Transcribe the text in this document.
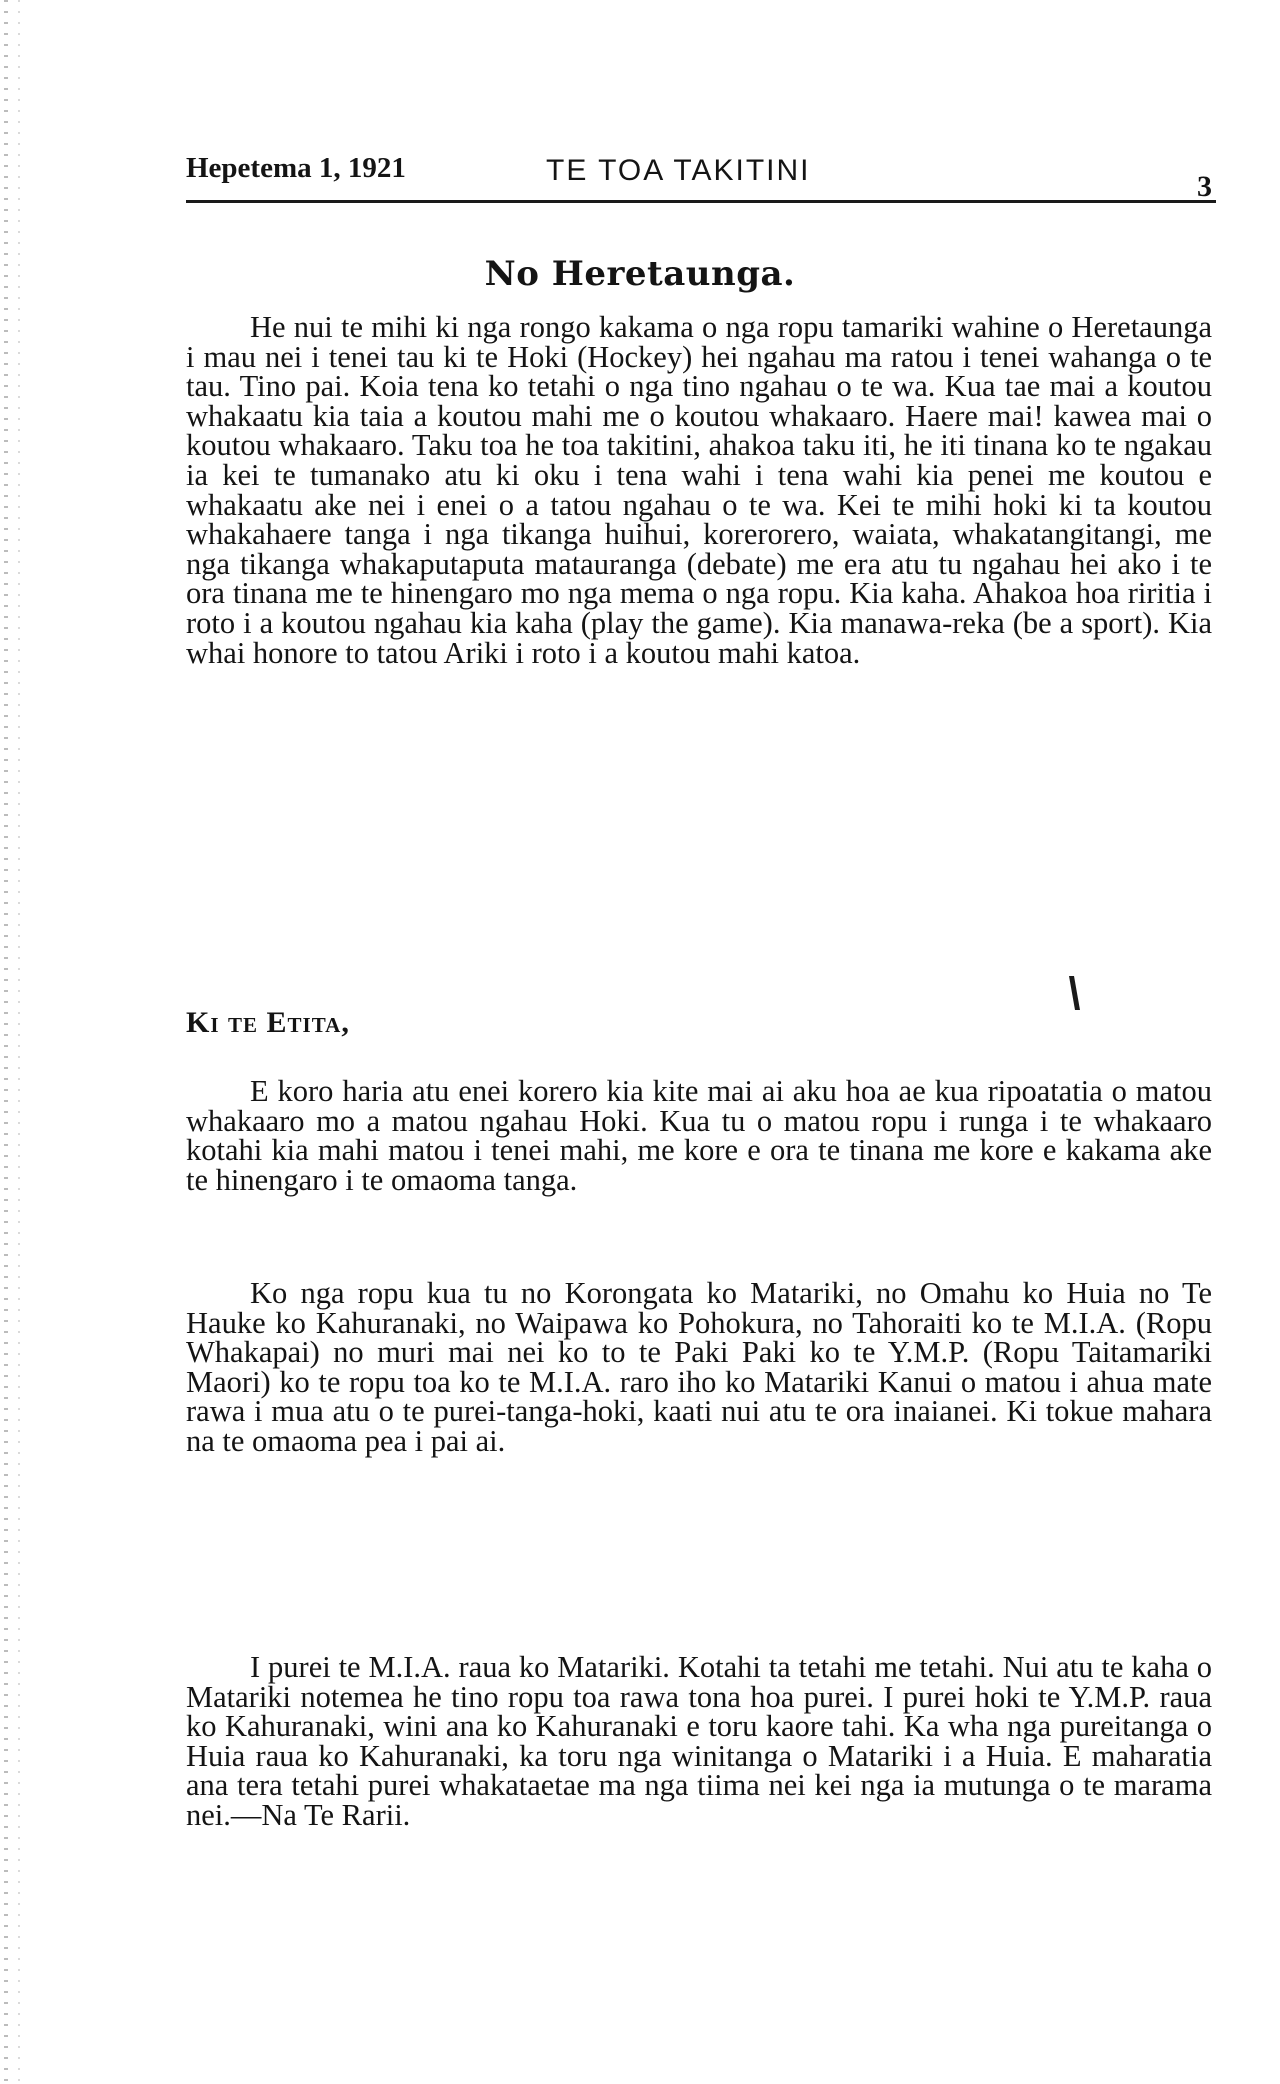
Hepetema 1, 1921	TE TOA TAKITINI	3
No Heretaunga.

He nui te mihi ki nga rongo kakama o nga ropu tamariki wahine o Heretaunga i mau nei i tenei tau ki te Hoki (Hockey) hei ngahau ma ratou i tenei wahanga o te tau. Tino pai. Koia tena ko tetahi o nga tino ngahau o te wa. Kua tae mai a koutou whakaatu kia taia a koutou mahi me o koutou whakaaro. Haere mai! kawea mai o koutou whakaaro. Taku toa he toa takitini, ahakoa taku iti, he iti tinana ko te ngakau ia kei te tumanako atu ki oku i tena wahi i tena wahi kia penei me koutou e whakaatu ake nei i enei o a tatou ngahau o te wa. Kei te mihi hoki ki ta koutou whakahaere tanga i nga tikanga huihui, korerorero, waiata, whakatangitangi, me nga tikanga whakaputaputa matauranga (debate) me era atu tu ngahau hei ako i te ora tinana me te hinengaro mo nga mema o nga ropu. Kia kaha. Ahakoa hoa riritia i roto i a koutou ngahau kia kaha (play the game). Kia manawa-reka (be a sport). Kia whai honore to tatou Ariki i roto i a koutou mahi katoa.

Ki te Etita,

E koro haria atu enei korero kia kite mai ai aku hoa ae kua ripoatatia o matou whakaaro mo a matou ngahau Hoki. Kua tu o matou ropu i runga i te whakaaro kotahi kia mahi matou i tenei mahi, me kore e ora te tinana me kore e kakama ake te hinengaro i te omaoma tanga.

Ko nga ropu kua tu no Korongata ko Matariki, no Omahu ko Huia no Te Hauke ko Kahuranaki, no Waipawa ko Pohokura, no Tahoraiti ko te M.I.A. (Ropu Whakapai) no muri mai nei ko to te Paki Paki ko te Y.M.P. (Ropu Taitamariki Maori) ko te ropu toa ko te M.I.A. raro iho ko Matariki Kanui o matou i ahua mate rawa i mua atu o te purei-tanga-hoki, kaati nui atu te ora inaianei. Ki tokue mahara na te omaoma pea i pai ai.

I purei te M.I.A. raua ko Matariki. Kotahi ta tetahi me tetahi. Nui atu te kaha o Matariki notemea he tino ropu toa rawa tona hoa purei. I purei hoki te Y.M.P. raua ko Kahuranaki, wini ana ko Kahuranaki e toru kaore tahi. Ka wha nga pureitanga o Huia raua ko Kahuranaki, ka toru nga winitanga o Matariki i a Huia. E maharatia ana tera tetahi purei whakataetae ma nga tiima nei kei nga ia mutunga o te marama nei.—Na Te Rarii.
